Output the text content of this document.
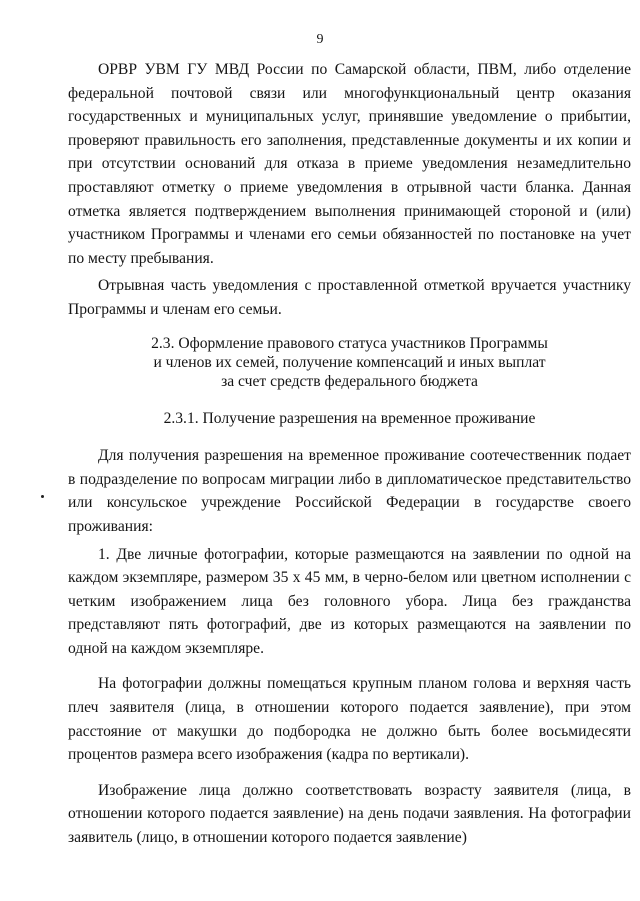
9

ОРВР УВМ ГУ МВД России по Самарской области, ПВМ, либо отделение федеральной почтовой связи или многофункциональный центр оказания государственных и муниципальных услуг, принявшие уведомление о прибытии, проверяют правильность его заполнения, представленные документы и их копии и при отсутствии оснований для отказа в приеме уведомления незамедлительно проставляют отметку о приеме уведомления в отрывной части бланка. Данная отметка является подтверждением выполнения принимающей стороной и (или) участником Программы и членами его семьи обязанностей по постановке на учет по месту пребывания.

Отрывная часть уведомления с проставленной отметкой вручается участнику Программы и членам его семьи.

2.3. Оформление правового статуса участников Программы
и членов их семей, получение компенсаций и иных выплат
за счет средств федерального бюджета
2.3.1. Получение разрешения на временное проживание

Для получения разрешения на временное проживание соотечественник подает в подразделение по вопросам миграции либо в дипломатическое представительство или консульское учреждение Российской Федерации в государстве своего проживания:

1. Две личные фотографии, которые размещаются на заявлении по одной на каждом экземпляре, размером 35 х 45 мм, в черно-белом или цветном исполнении с четким изображением лица без головного убора. Лица без гражданства представляют пять фотографий, две из которых размещаются на заявлении по одной на каждом экземпляре.

На фотографии должны помещаться крупным планом голова и верхняя часть плеч заявителя (лица, в отношении которого подается заявление), при этом расстояние от макушки до подбородка не должно быть более восьмидесяти процентов размера всего изображения (кадра по вертикали).

Изображение лица должно соответствовать возрасту заявителя (лица, в отношении которого подается заявление) на день подачи заявления. На фотографии заявитель (лицо, в отношении которого подается заявление)
